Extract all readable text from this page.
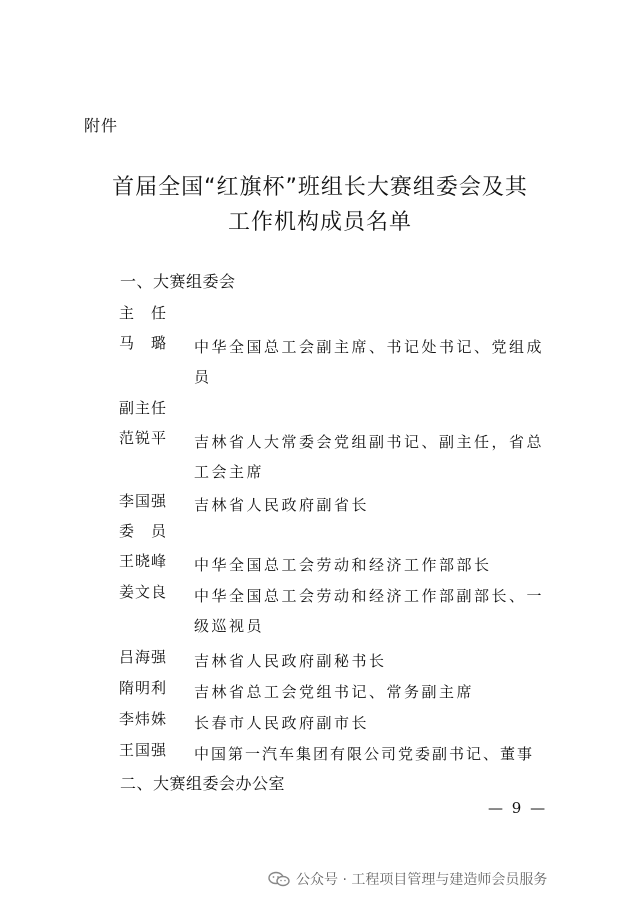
附件
首届全国“红旗杯”班组长大赛组委会及其
工作机构成员名单
一、大赛组委会
主　任
马　璐 中华全国总工会副主席、书记处书记、党组成员
副主任
范锐平 吉林省人大常委会党组副书记、副主任，省总工会主席
李国强 吉林省人民政府副省长
委　员
王晓峰 中华全国总工会劳动和经济工作部部长
姜文良 中华全国总工会劳动和经济工作部副部长、一级巡视员
吕海强 吉林省人民政府副秘书长
隋明利 吉林省总工会党组书记、常务副主席
李炜姝 长春市人民政府副市长
王国强 中国第一汽车集团有限公司党委副书记、董事
二、大赛组委会办公室
— 9 —
公众号 · 工程项目管理与建造师会员服务
